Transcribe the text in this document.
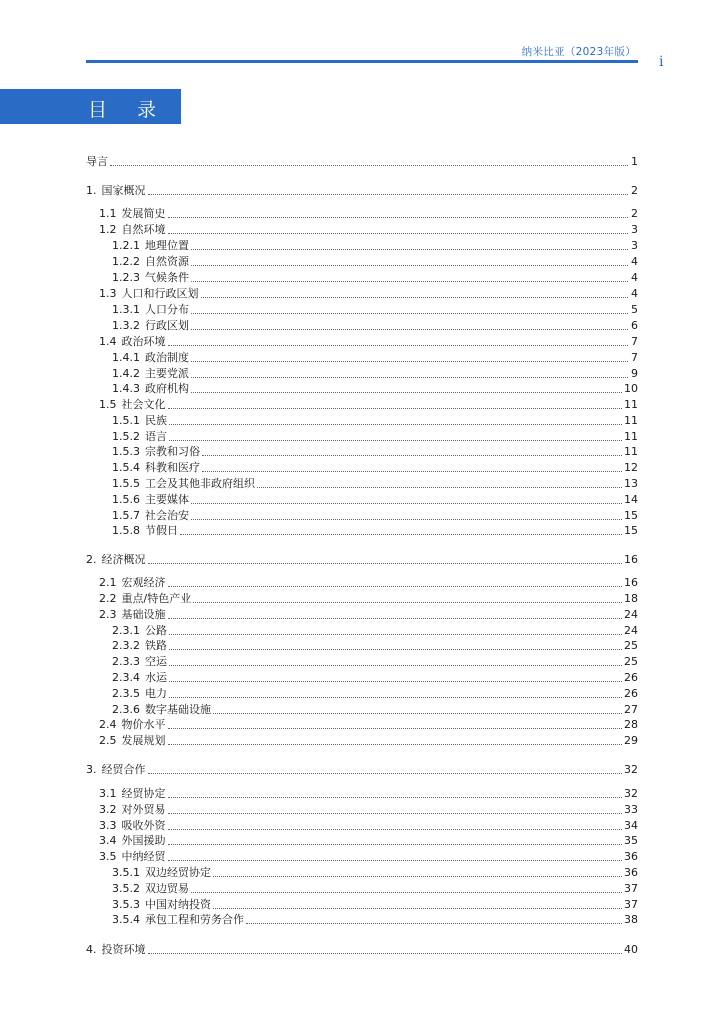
纳米比亚（2023年版）
i
目 录
导言	1
1. 国家概况	2
1.1 发展简史	2
1.2 自然环境	3
1.2.1 地理位置	3
1.2.2 自然资源	4
1.2.3 气候条件	4
1.3 人口和行政区划	4
1.3.1 人口分布	5
1.3.2 行政区划	6
1.4 政治环境	7
1.4.1 政治制度	7
1.4.2 主要党派	9
1.4.3 政府机构	10
1.5 社会文化	11
1.5.1 民族	11
1.5.2 语言	11
1.5.3 宗教和习俗	11
1.5.4 科教和医疗	12
1.5.5 工会及其他非政府组织	13
1.5.6 主要媒体	14
1.5.7 社会治安	15
1.5.8 节假日	15
2. 经济概况	16
2.1 宏观经济	16
2.2 重点/特色产业	18
2.3 基础设施	24
2.3.1 公路	24
2.3.2 铁路	25
2.3.3 空运	25
2.3.4 水运	26
2.3.5 电力	26
2.3.6 数字基础设施	27
2.4 物价水平	28
2.5 发展规划	29
3. 经贸合作	32
3.1 经贸协定	32
3.2 对外贸易	33
3.3 吸收外资	34
3.4 外国援助	35
3.5 中纳经贸	36
3.5.1 双边经贸协定	36
3.5.2 双边贸易	37
3.5.3 中国对纳投资	37
3.5.4 承包工程和劳务合作	38
4. 投资环境	40
